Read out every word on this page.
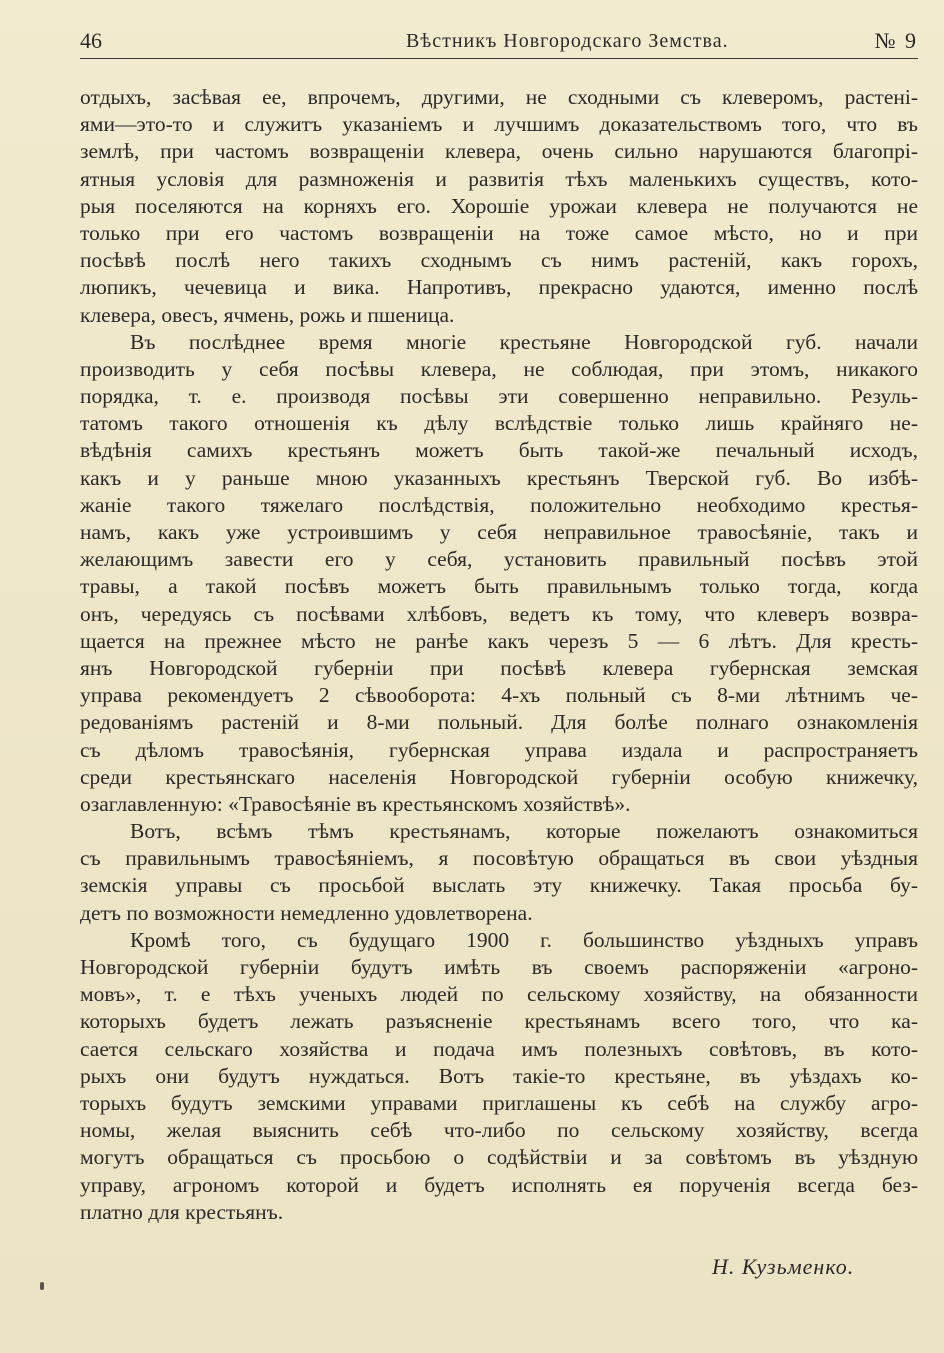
46	Вѣстникъ Новгородскаго Земства.	№ 9
отдыхъ, засѣвая ее, впрочемъ, другими, не сходными съ клеверомъ, растені-
ями—это-то и служитъ указаніемъ и лучшимъ доказательствомъ того, что въ
землѣ, при частомъ возвращеніи клевера, очень сильно нарушаются благопрі-
ятныя условія для размноженія и развитія тѣхъ маленькихъ существъ, кото-
рыя поселяются на корняхъ его. Хорошіе урожаи клевера не получаются не
только при его частомъ возвращеніи на тоже самое мѣсто, но и при
посѣвѣ послѣ него такихъ сходнымъ съ нимъ растеній, какъ горохъ,
люпикъ, чечевица и вика. Напротивъ, прекрасно удаются, именно послѣ
клевера, овесъ, ячмень, рожь и пшеница.
Въ послѣднее время многіе крестьяне Новгородской губ. начали
производить у себя посѣвы клевера, не соблюдая, при этомъ, никакого
порядка, т. е. производя посѣвы эти совершенно неправильно. Резуль-
татомъ такого отношенія къ дѣлу вслѣдствіе только лишь крайняго не-
вѣдѣнія самихъ крестьянъ можетъ быть такой-же печальный исходъ,
какъ и у раньше мною указанныхъ крестьянъ Тверской губ. Во избѣ-
жаніе такого тяжелаго послѣдствія, положительно необходимо крестья-
намъ, какъ уже устроившимъ у себя неправильное травосѣяніе, такъ и
желающимъ завести его у себя, установить правильный посѣвъ этой
травы, а такой посѣвъ можетъ быть правильнымъ только тогда, когда
онъ, чередуясь съ посѣвами хлѣбовъ, ведетъ къ тому, что клеверъ возвра-
щается на прежнее мѣсто не ранѣе какъ черезъ 5 — 6 лѣтъ. Для кресть-
янъ Новгородской губерніи при посѣвѣ клевера губернская земская
управа рекомендуетъ 2 сѣвооборота: 4-хъ польный съ 8-ми лѣтнимъ че-
редованіямъ растеній и 8-ми польный. Для болѣе полнаго ознакомленія
съ дѣломъ травосѣянія, губернская управа издала и распространяетъ
среди крестьянскаго населенія Новгородской губерніи особую книжечку,
озаглавленную: «Травосѣяніе въ крестьянскомъ хозяйствѣ».
Вотъ, всѣмъ тѣмъ крестьянамъ, которые пожелаютъ ознакомиться
съ правильнымъ травосѣяніемъ, я посовѣтую обращаться въ свои уѣздныя
земскія управы съ просьбой выслать эту книжечку. Такая просьба бу-
детъ по возможности немедленно удовлетворена.
Кромѣ того, съ будущаго 1900 г. большинство уѣздныхъ управъ
Новгородской губерніи будутъ имѣть въ своемъ распоряженіи «агроно-
мовъ», т. е тѣхъ ученыхъ людей по сельскому хозяйству, на обязанности
которыхъ будетъ лежать разъясненіе крестьянамъ всего того, что ка-
сается сельскаго хозяйства и подача имъ полезныхъ совѣтовъ, въ кото-
рыхъ они будутъ нуждаться. Вотъ такіе-то крестьяне, въ уѣздахъ ко-
торыхъ будутъ земскими управами приглашены къ себѣ на службу агро-
номы, желая выяснить себѣ что-либо по сельскому хозяйству, всегда
могутъ обращаться съ просьбою о содѣйствіи и за совѣтомъ въ уѣздную
управу, агрономъ которой и будетъ исполнять ея порученія всегда без-
платно для крестьянъ.
Н. Кузьменко.
